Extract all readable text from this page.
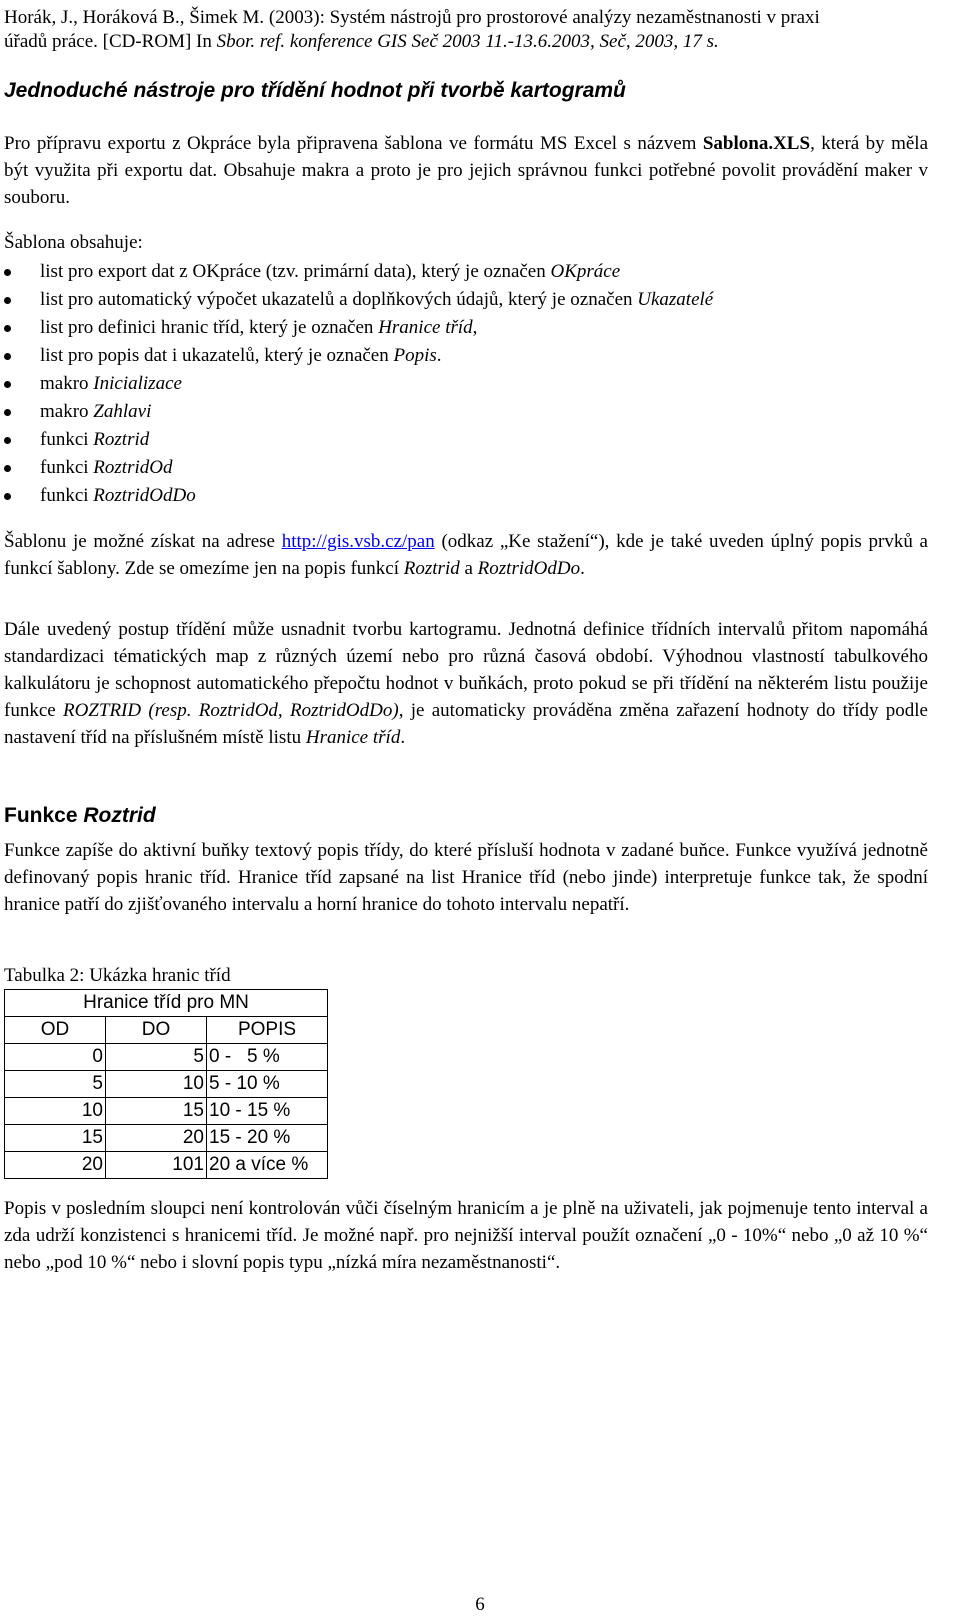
Horák, J., Horáková B., Šimek M. (2003): Systém nástrojů pro prostorové analýzy nezaměstnanosti v praxi
úřadů práce. [CD-ROM] In Sbor. ref. konference GIS Seč 2003 11.-13.6.2003, Seč, 2003, 17 s.
Jednoduché nástroje pro třídění hodnot při tvorbě kartogramů

Pro přípravu exportu z Okpráce byla připravena šablona ve formátu MS Excel s názvem Sablona.XLS, která by měla být využita při exportu dat. Obsahuje makra a proto je pro jejich správnou funkci potřebné povolit provádění maker v souboru.

Šablona obsahuje:
list pro export dat z OKpráce (tzv. primární data), který je označen OKpráce
list pro automatický výpočet ukazatelů a doplňkových údajů, který je označen Ukazatelé
list pro definici hranic tříd, který je označen Hranice tříd,
list pro popis dat i ukazatelů, který je označen Popis.
makro Inicializace
makro Zahlavi
funkci Roztrid
funkci RoztridOd
funkci RoztridOdDo

Šablonu je možné získat na adrese http://gis.vsb.cz/pan (odkaz „Ke stažení“), kde je také uveden úplný popis prvků a funkcí šablony. Zde se omezíme jen na popis funkcí Roztrid a RoztridOdDo.

Dále uvedený postup třídění může usnadnit tvorbu kartogramu. Jednotná definice třídních intervalů přitom napomáhá standardizaci tématických map z různých území nebo pro různá časová období. Výhodnou vlastností tabulkového kalkulátoru je schopnost automatického přepočtu hodnot v buňkách, proto pokud se při třídění na některém listu použije funkce ROZTRID (resp. RoztridOd, RoztridOdDo), je automaticky prováděna změna zařazení hodnoty do třídy podle nastavení tříd na příslušném místě listu Hranice tříd.

Funkce Roztrid

Funkce zapíše do aktivní buňky textový popis třídy, do které přísluší hodnota v zadané buňce. Funkce využívá jednotně definovaný popis hranic tříd. Hranice tříd zapsané na list Hranice tříd (nebo jinde) interpretuje funkce tak, že spodní hranice patří do zjišťovaného intervalu a horní hranice do tohoto intervalu nepatří.

Tabulka 2: Ukázka hranic tříd
Hranice tříd pro MN		
OD	DO	POPIS
0	5	0 -   5 %
5	10	5 - 10 %
10	15	10 - 15 %
15	20	15 - 20 %
20	101	20 a více %

Popis v posledním sloupci není kontrolován vůči číselným hranicím a je plně na uživateli, jak pojmenuje tento interval a zda udrží konzistenci s hranicemi tříd. Je možné např. pro nejnižší interval použít označení „0 - 10%“ nebo „0 až 10 %“ nebo „pod 10 %“ nebo i slovní popis typu „nízká míra nezaměstnanosti“.

6
